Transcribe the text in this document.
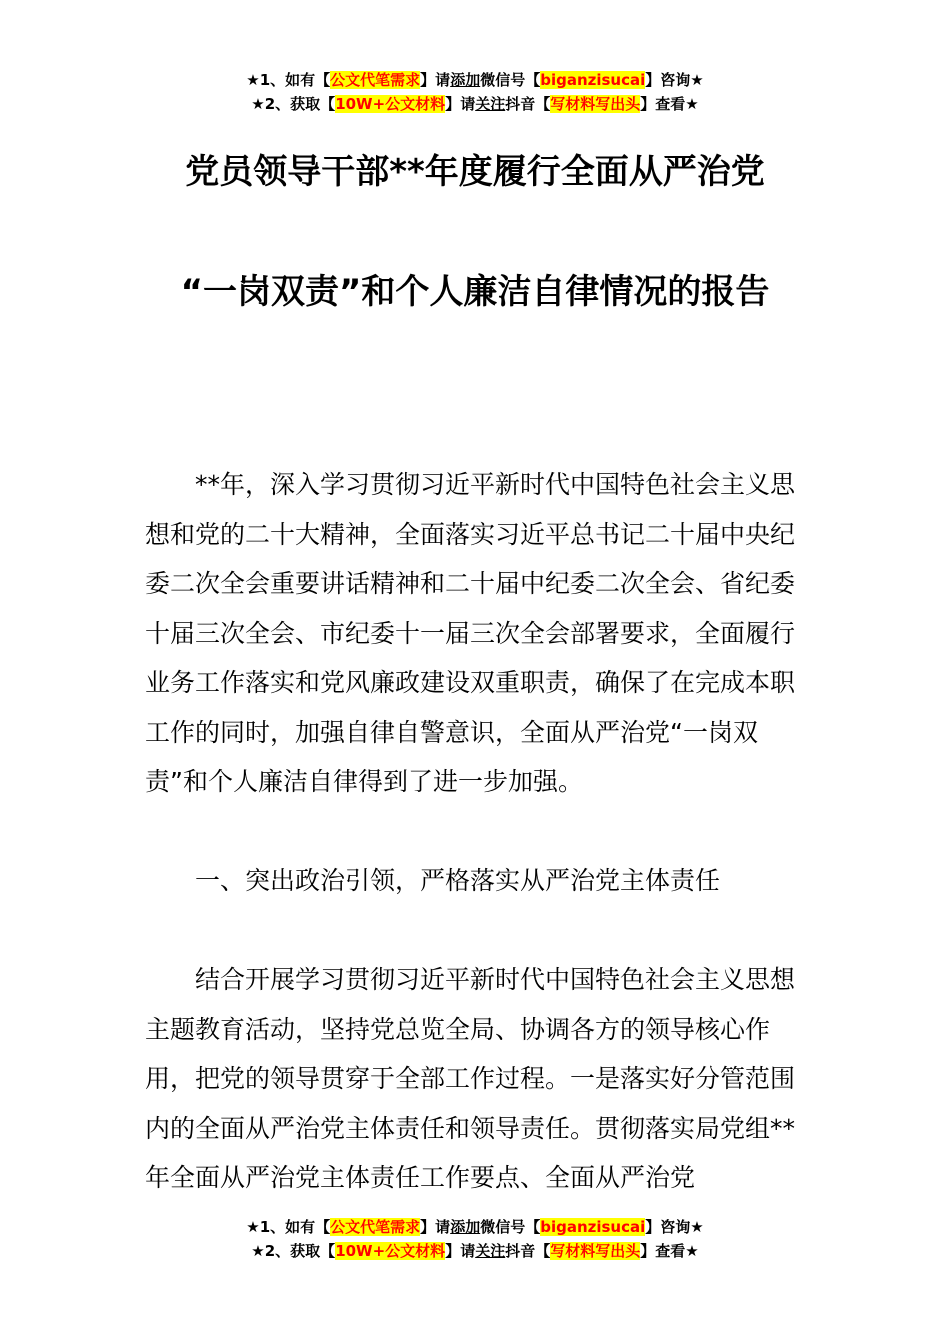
★1、如有【公文代笔需求】请添加微信号【biganzisucai】咨询★
★2、获取【10W+公文材料】请关注抖音【写材料写出头】查看★
党员领导干部**年度履行全面从严治党
“一岗双责”和个人廉洁自律情况的报告

**年，深入学习贯彻习近平新时代中国特色社会主义思想和党的二十大精神，全面落实习近平总书记二十届中央纪委二次全会重要讲话精神和二十届中纪委二次全会、省纪委十届三次全会、市纪委十一届三次全会部署要求，全面履行业务工作落实和党风廉政建设双重职责，确保了在完成本职工作的同时，加强自律自警意识，全面从严治党“一岗双责”和个人廉洁自律得到了进一步加强。

一、突出政治引领，严格落实从严治党主体责任

结合开展学习贯彻习近平新时代中国特色社会主义思想主题教育活动，坚持党总览全局、协调各方的领导核心作用，把党的领导贯穿于全部工作过程。一是落实好分管范围内的全面从严治党主体责任和领导责任。贯彻落实局党组**年全面从严治党主体责任工作要点、全面从严治党

★1、如有【公文代笔需求】请添加微信号【biganzisucai】咨询★
★2、获取【10W+公文材料】请关注抖音【写材料写出头】查看★
